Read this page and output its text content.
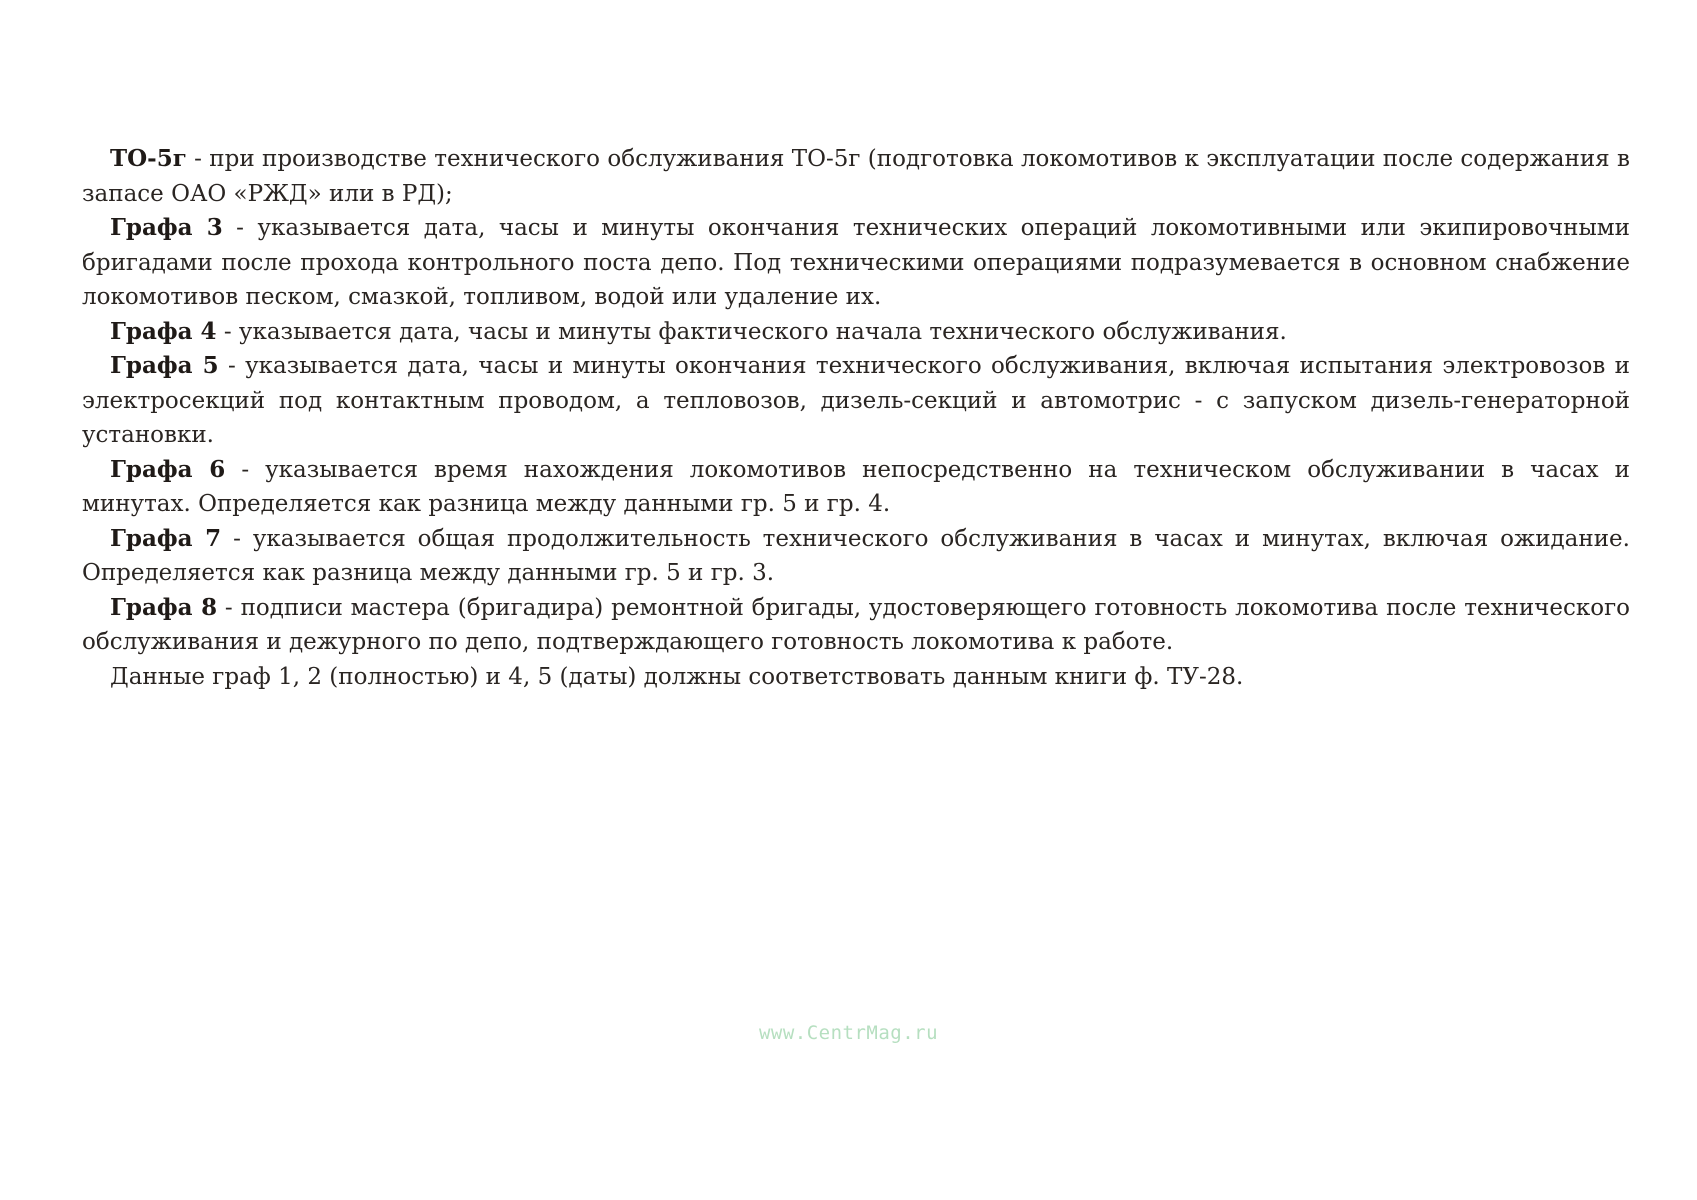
ТО-5г - при производстве технического обслуживания ТО-5г (подготовка локомотивов к эксплуатации после содержания в запасе ОАО «РЖД» или в РД);

Графа 3 - указывается дата, часы и минуты окончания технических операций локомотивными или экипировочными бригадами после прохода контрольного поста депо. Под техническими операциями подразумевается в основном снабжение локомотивов песком, смазкой, топливом, водой или удаление их.

Графа 4 - указывается дата, часы и минуты фактического начала технического обслуживания.

Графа 5 - указывается дата, часы и минуты окончания технического обслуживания, включая испытания электровозов и электросекций под контактным проводом, а тепловозов, дизель-секций и автомотрис - с запуском дизель-генераторной установки.

Графа 6 - указывается время нахождения локомотивов непосредственно на техническом обслуживании в часах и минутах. Определяется как разница между данными гр. 5 и гр. 4.

Графа 7 - указывается общая продолжительность технического обслуживания в часах и минутах, включая ожидание. Определяется как разница между данными гр. 5 и гр. 3.

Графа 8 - подписи мастера (бригадира) ремонтной бригады, удостоверяющего готовность локомотива после технического обслуживания и дежурного по депо, подтверждающего готовность локомотива к работе.

Данные граф 1, 2 (полностью) и 4, 5 (даты) должны соответствовать данным книги ф. ТУ-28.

www.CentrMag.ru
